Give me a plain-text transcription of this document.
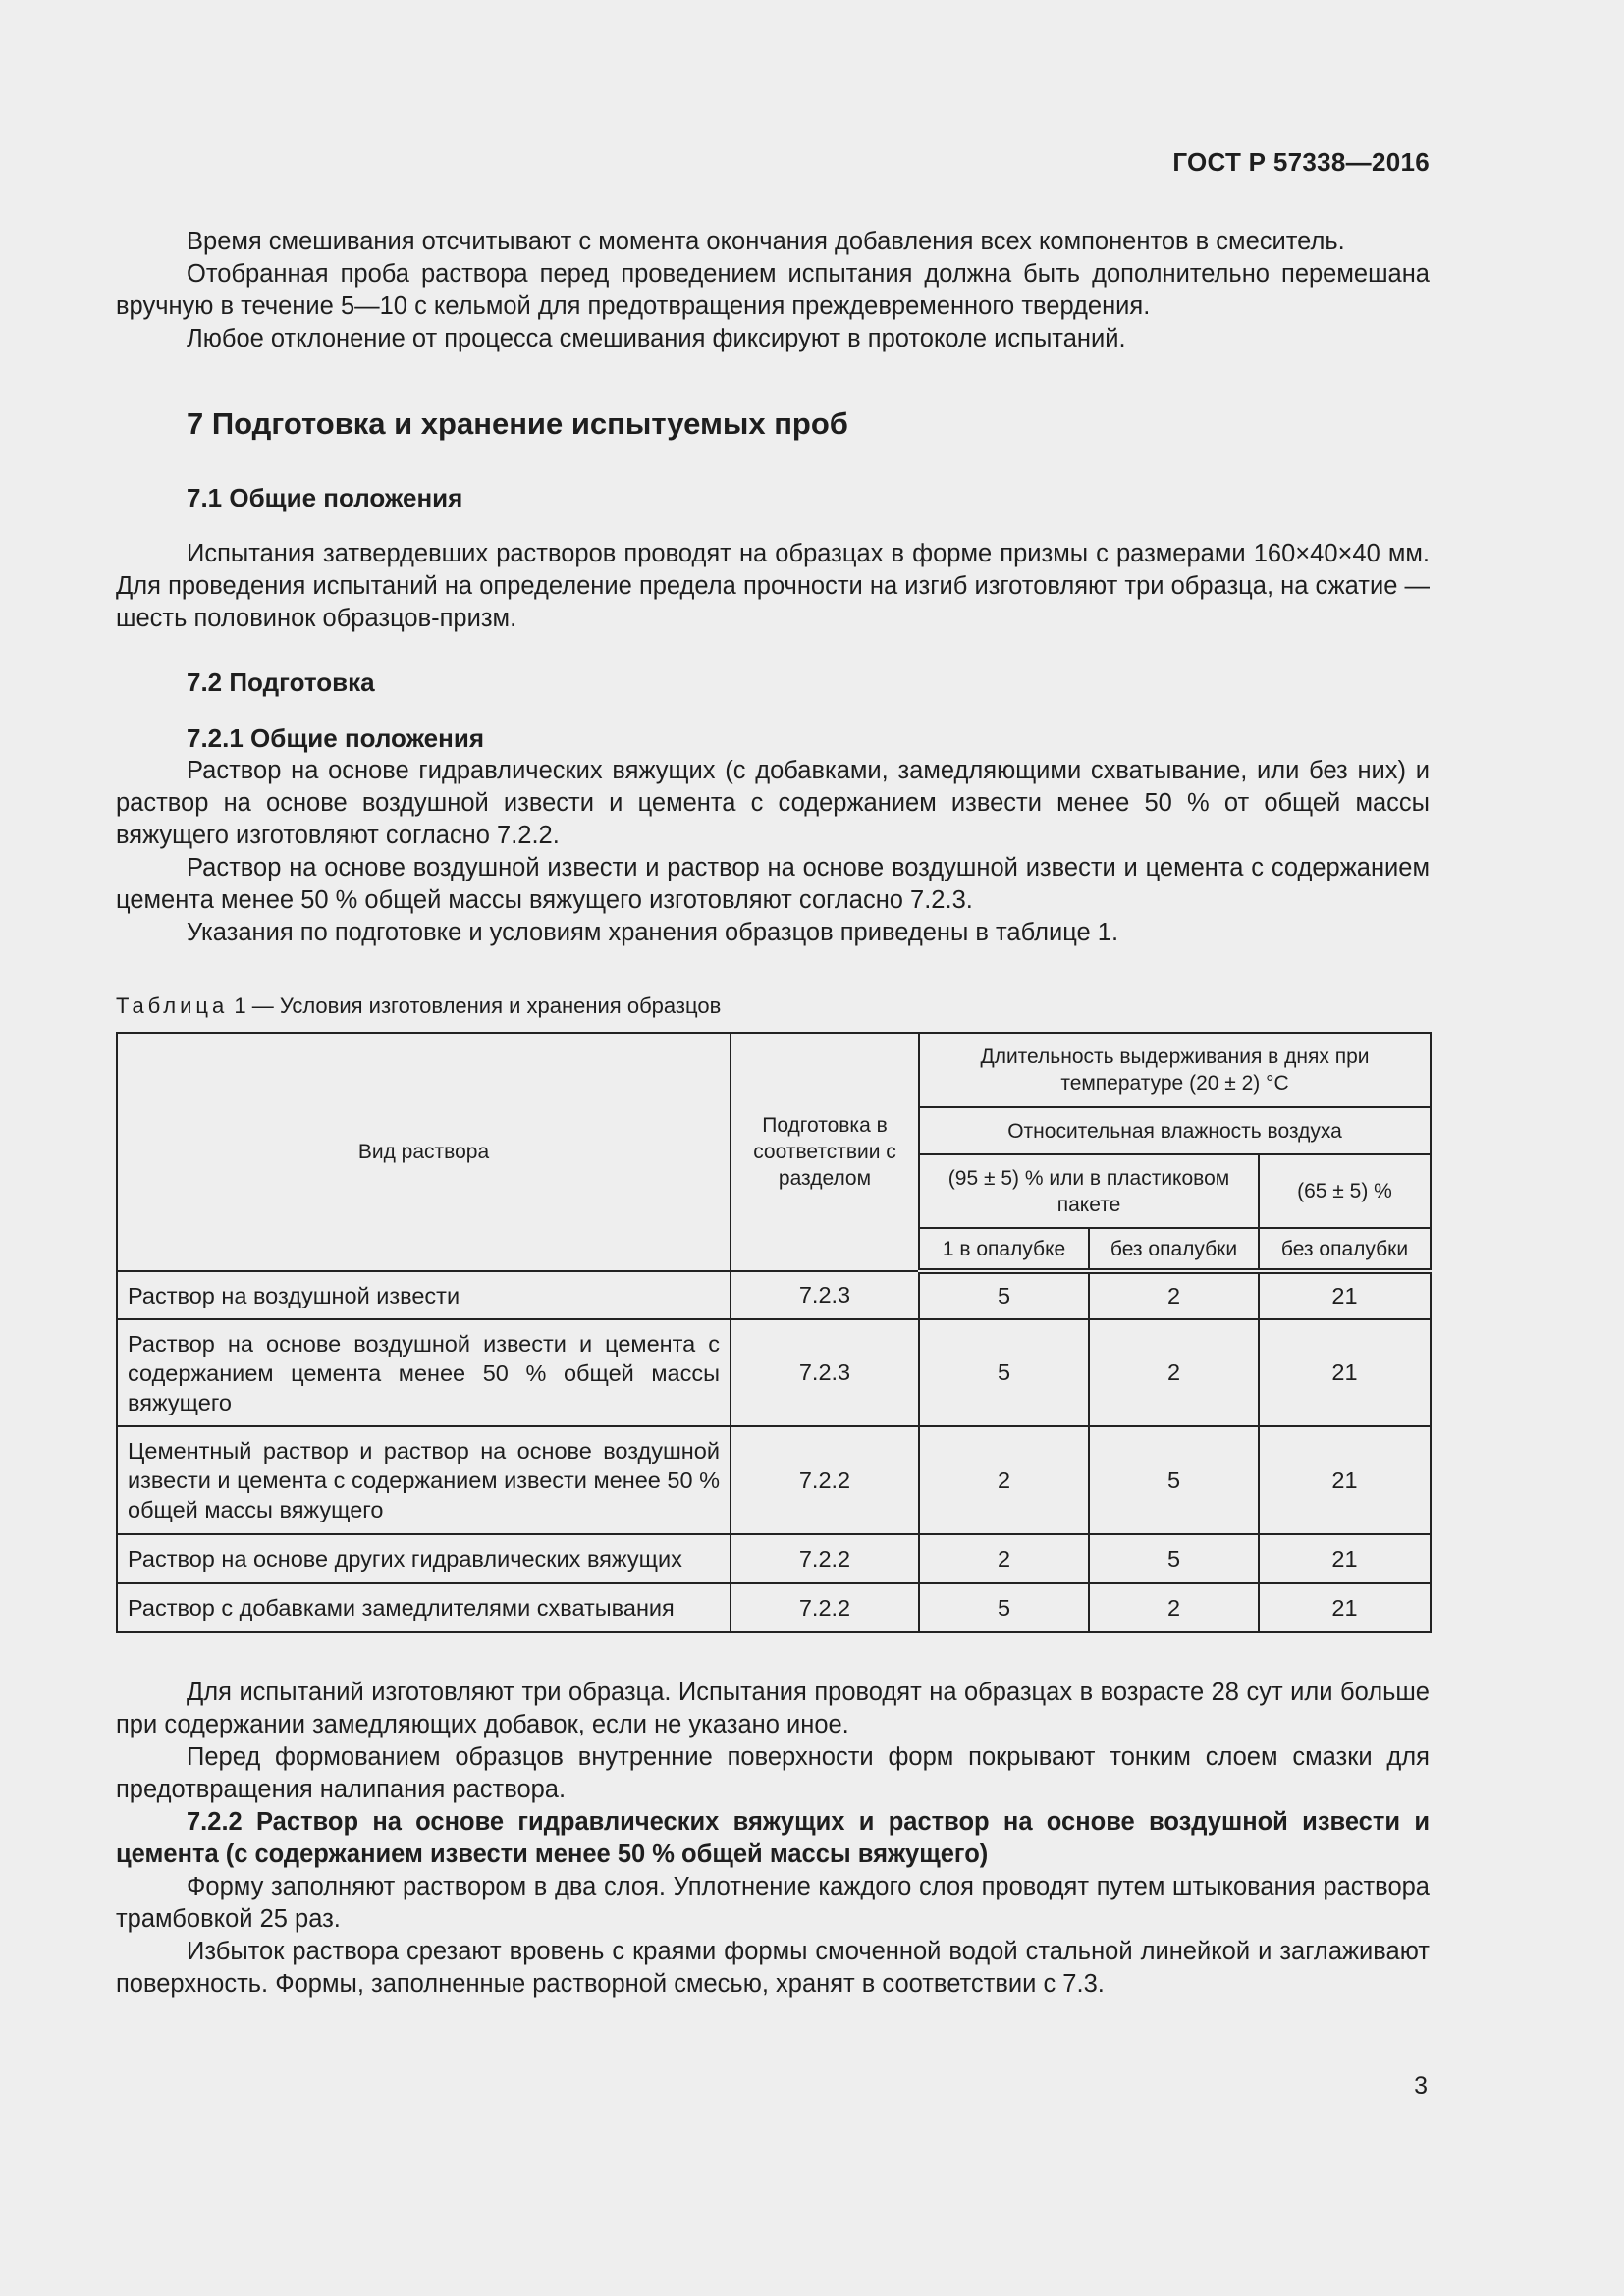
ГОСТ Р 57338—2016

Время смешивания отсчитывают с момента окончания добавления всех компонентов в смеситель.

Отобранная проба раствора перед проведением испытания должна быть дополнительно перемешана вручную в течение 5—10 с кельмой для предотвращения преждевременного твердения.

Любое отклонение от процесса смешивания фиксируют в протоколе испытаний.

7 Подготовка и хранение испытуемых проб
7.1 Общие положения

Испытания затвердевших растворов проводят на образцах в форме призмы с размерами 160×40×40 мм. Для проведения испытаний на определение предела прочности на изгиб изготовляют три образца, на сжатие — шесть половинок образцов-призм.

7.2 Подготовка
7.2.1 Общие положения

Раствор на основе гидравлических вяжущих (с добавками, замедляющими схватывание, или без них) и раствор на основе воздушной извести и цемента с содержанием извести менее 50 % от общей массы вяжущего изготовляют согласно 7.2.2.

Раствор на основе воздушной извести и раствор на основе воздушной извести и цемента с содержанием цемента менее 50 % общей массы вяжущего изготовляют согласно 7.2.3.

Указания по подготовке и условиям хранения образцов приведены в таблице 1.

Таблица 1 — Условия изготовления и хранения образцов
Вид раствора	Подготовка в соответствии с разделом	Длительность выдерживания в днях при температуре (20 ± 2) °С		
		Относительная влажность воздуха		
		(95 ± 5) % или в пластиковом пакете		(65 ± 5) %
		1 в опалубке	без опалубки	без опалубки
Раствор на воздушной извести	7.2.3	5	2	21
Раствор на основе воздушной извести и цемента с содержанием цемента менее 50 % общей массы вяжущего	7.2.3	5	2	21
Цементный раствор и раствор на основе воздушной извести и цемента с содержанием извести менее 50 % общей массы вяжущего	7.2.2	2	5	21
Раствор на основе других гидравлических вяжущих	7.2.2	2	5	21
Раствор с добавками замедлителями схватывания	7.2.2	5	2	21

Для испытаний изготовляют три образца. Испытания проводят на образцах в возрасте 28 сут или больше при содержании замедляющих добавок, если не указано иное.

Перед формованием образцов внутренние поверхности форм покрывают тонким слоем смазки для предотвращения налипания раствора.

7.2.2 Раствор на основе гидравлических вяжущих и раствор на основе воздушной извести и цемента (с содержанием извести менее 50 % общей массы вяжущего)

Форму заполняют раствором в два слоя. Уплотнение каждого слоя проводят путем штыкования раствора трамбовкой 25 раз.

Избыток раствора срезают вровень с краями формы смоченной водой стальной линейкой и заглаживают поверхность. Формы, заполненные растворной смесью, хранят в соответствии с 7.3.

3
